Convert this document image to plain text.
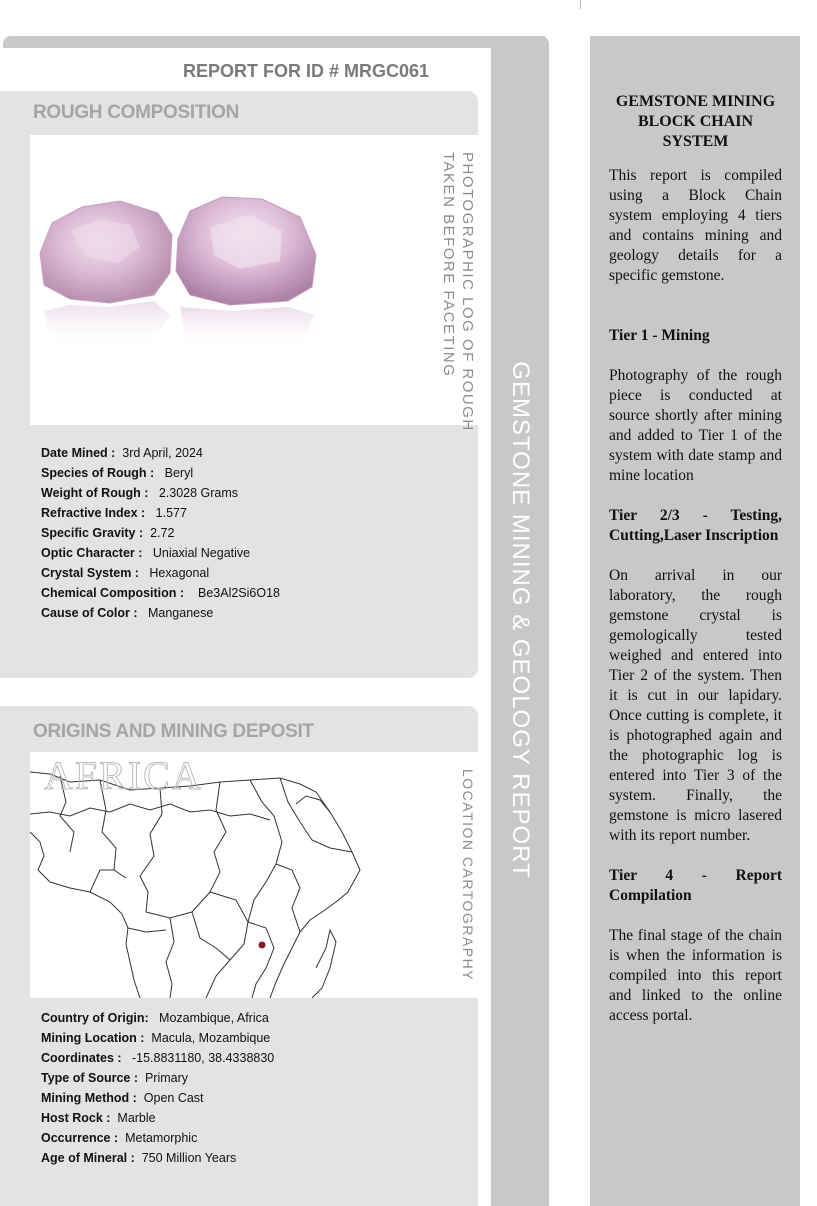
GEMSTONE MINING & GEOLOGY REPORT
REPORT FOR ID # MRGC061
ROUGH COMPOSITION
PHOTOGRAPHIC LOG OF ROUGH
TAKEN BEFORE FACETING
Date Mined : 3rd April, 2024
Species of Rough : Beryl
Weight of Rough : 2.3028 Grams
Refractive Index : 1.577
Specific Gravity : 2.72
Optic Character : Uniaxial Negative
Crystal System : Hexagonal
Chemical Composition : Be3Al2Si6O18
Cause of Color : Manganese
ORIGINS AND MINING DEPOSIT
AFRICA	LOCATION CARTOGRAPHY
Country of Origin: Mozambique, Africa
Mining Location : Macula, Mozambique
Coordinates : -15.8831180, 38.4338830
Type of Source : Primary
Mining Method : Open Cast
Host Rock : Marble
Occurrence : Metamorphic
Age of Mineral : 750 Million Years
GEMSTONE MINING BLOCK CHAIN SYSTEM

This report is compiled using a Block Chain system employing 4 tiers and contains mining and geology details for a specific gemstone.

Tier 1 - Mining

Photography of the rough piece is conducted at source shortly after mining and added to Tier 1 of the system with date stamp and mine location

Tier 2/3 - Testing, Cutting,Laser Inscription

On arrival in our laboratory, the rough gemstone crystal is gemologically tested weighed and entered into Tier 2 of the system. Then it is cut in our lapidary. Once cutting is complete, it is photographed again and the photographic log is entered into Tier 3 of the system. Finally, the gemstone is micro lasered with its report number.

Tier 4 - Report Compilation

The final stage of the chain is when the information is compiled into this report and linked to the online access portal.
